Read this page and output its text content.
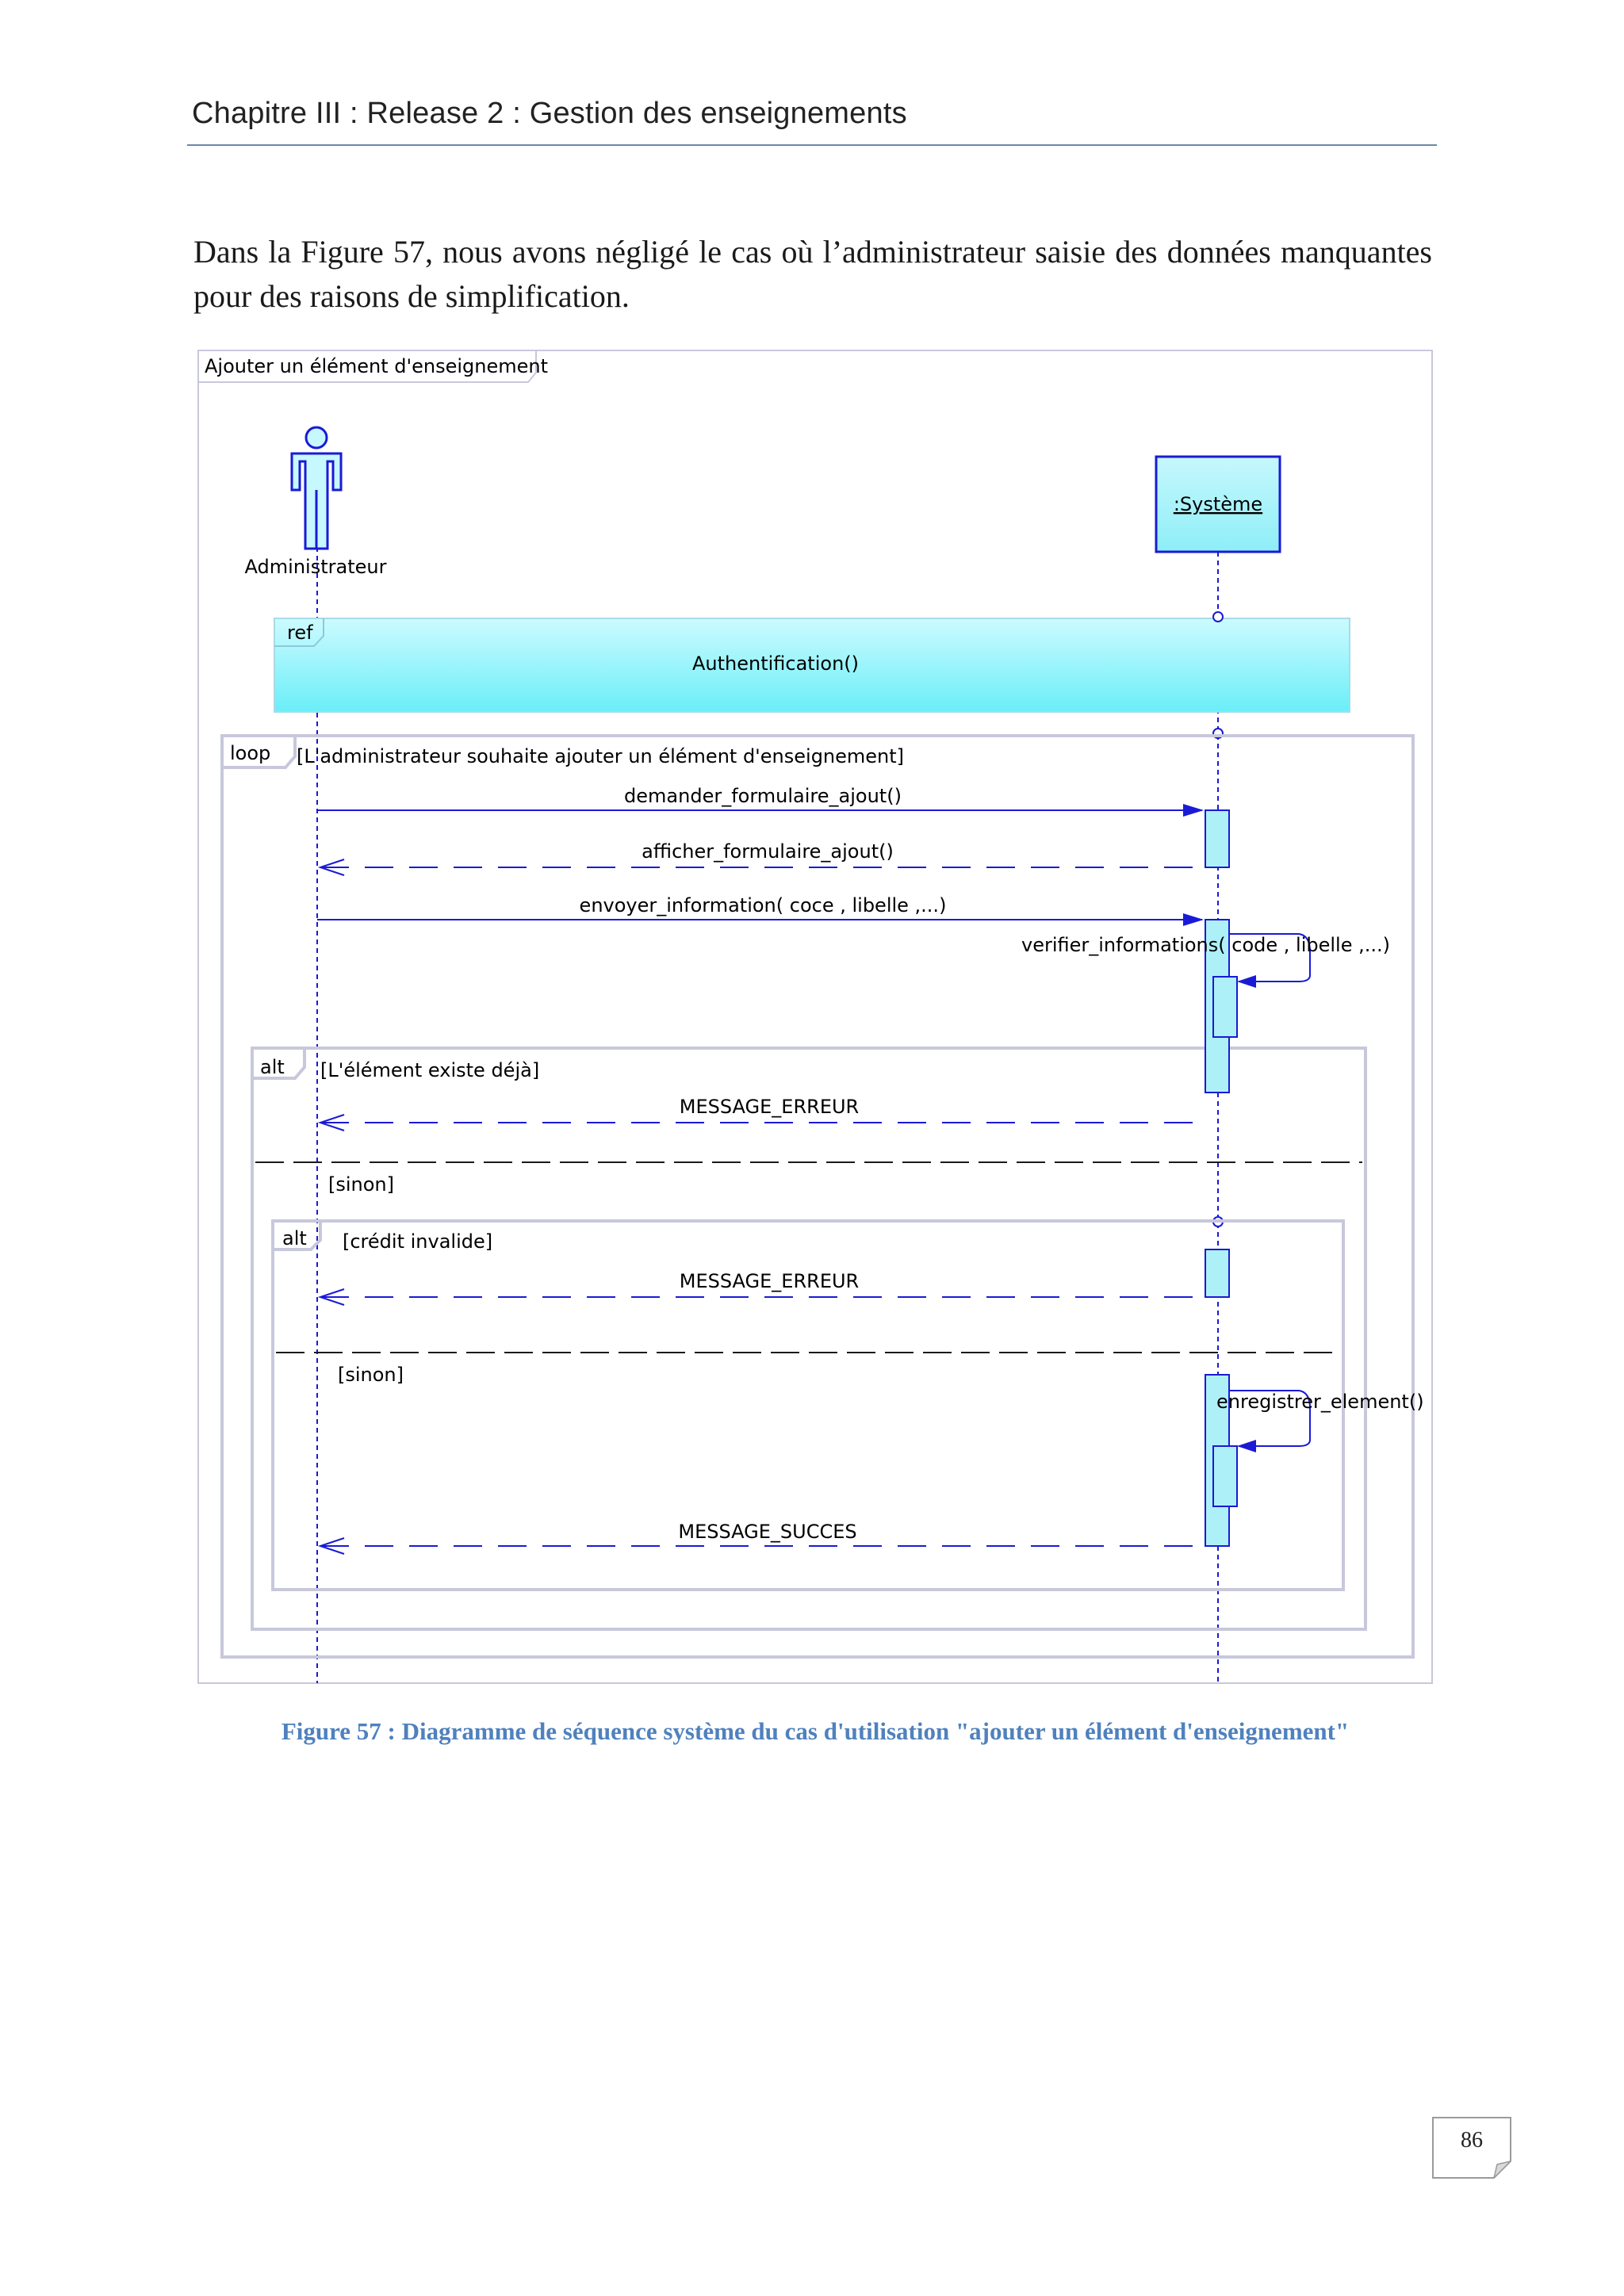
Chapitre III : Release 2 : Gestion des enseignements
Dans la Figure 57, nous avons négligé le cas où l’administrateur saisie des données manquantes pour des raisons de simplification.
Ajouter un élément d'enseignement
Administrateur
:Système
ref
Authentification()
loop [L'administrateur souhaite ajouter un élément d'enseignement]
alt [L'élément existe déjà]
[sinon]
alt [crédit invalide]
[sinon]
demander_formulaire_ajout()
afficher_formulaire_ajout()
envoyer_information( coce , libelle ,...)
verifier_informations( code , libelle ,...)
MESSAGE_ERREUR
MESSAGE_ERREUR
enregistrer_element()
MESSAGE_SUCCES
Figure 57 : Diagramme de séquence système du cas d'utilisation "ajouter un élément d'enseignement"
86
